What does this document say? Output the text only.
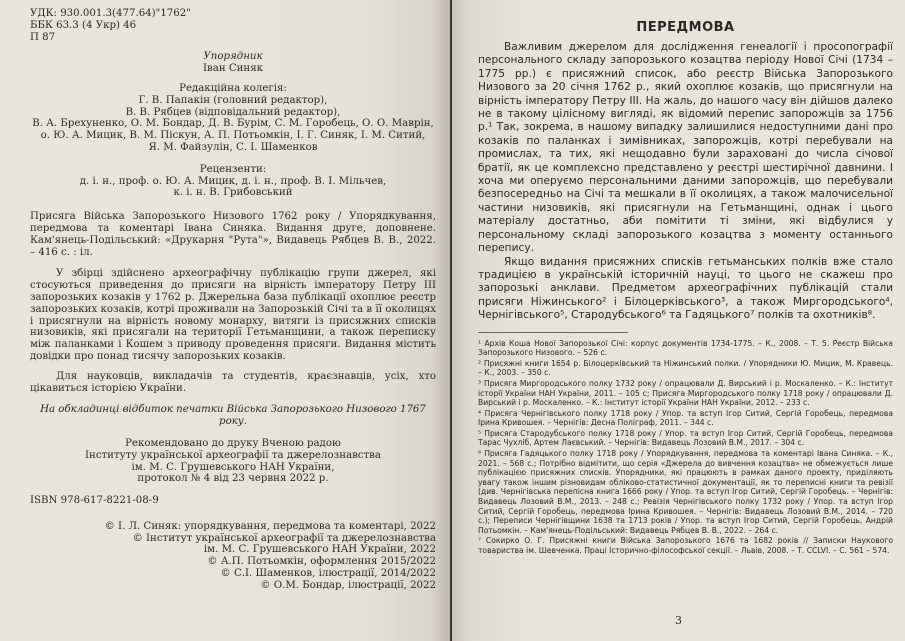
УДК: 930.001.3(477.64)"1762"

ББК 63.3 (4 Укр) 46

П 87

Упорядник

Іван Синяк

Редакційна колегія:

Г. В. Папакін (головний редактор),

В. В. Рябцев (відповідальний редактор),

В. А. Брехуненко, О. М. Бондар, Д. В. Бурім, С. М. Горобець, О. О. Маврін,

о. Ю. А. Мицик, В. М. Піскун, А. П. Потьомкін, І. Г. Синяк, І. М. Ситий,

Я. М. Файзулін, С. І. Шаменков

Рецензенти:

д. і. н., проф. о. Ю. А. Мицик, д. і. н., проф. В. І. Мільчев,

к. і. н. В. Грибовський

Присяга Війська Запорозького Низового 1762 року / Упорядкування, передмова та коментарі Івана Синяка. Видання друге, доповнене. Кам'янець-Подільський: «Друкарня "Рута"», Видавець Рябцев В. В., 2022. – 416 с. : іл.

У збірці здійснено археографічну публікацію групи джерел, які стосуються приведення до присяги на вірність імператору Петру III запорозьких козаків у 1762 р. Джерельна база публікації охоплює реєстр запорозьких козаків, котрі проживали на Запорозькій Січі та в її околицях і присягнули на вірність новому монарху, витяги із присяжних списків низовиків, які присягали на території Гетьманщини, а також переписку між паланками і Кошем з приводу проведення присяги. Видання містить довідки про понад тисячу запорозьких козаків.

Для науковців, викладачів та студентів, краєзнавців, усіх, хто цікавиться історією України.

На обкладинці відбиток печатки Війська Запорозького Низового 1767 року.

Рекомендовано до друку Вченою радою

Інституту української археографії та джерелознавства

ім. М. С. Грушевського НАН України,

протокол № 4 від 23 червня 2022 р.

ISBN 978-617-8221-08-9

© І. Л. Синяк: упорядкування, передмова та коментарі, 2022

© Інститут української археографії та джерелознавства

ім. М. С. Грушевського НАН України, 2022

© А.П. Потьомкін, оформлення 2015/2022

© С.І. Шаменков, ілюстрації, 2014/2022

© О.М. Бондар, ілюстрації, 2022

ПЕРЕДМОВА

Важливим джерелом для дослідження генеалогії і просопографії персонального складу запорозького козацтва періоду Нової Січі (1734 – 1775 рр.) є присяжний список, або реєстр Війська Запорозького Низового за 20 січня 1762 р., який охоплює козаків, що присягнули на вірність імператору Петру III. На жаль, до нашого часу він дійшов далеко не в такому цілісному вигляді, як відомий перепис запорожців за 1756 р.¹ Так, зокрема, в нашому випадку залишилися недоступними дані про козаків по паланках і зимівниках, запорожців, котрі перебували на промислах, та тих, які нещодавно були зараховані до числа січової братії, як це комплексно представлено у реєстрі шестирічної давнини. І хоча ми оперуємо персональними даними запорожців, що перебували безпосередньо на Січі та мешкали в її околицях, а також малочисельної частини низовиків, які присягнули на Гетьманщині, однак і цього матеріалу достатньо, аби помітити ті зміни, які відбулися у персональному складі запорозького козацтва з моменту останнього перепису.

Якщо видання присяжних списків гетьманських полків вже стало традицією в українській історичній науці, то цього не скажеш про запорозькі анклави. Предметом археографічних публікацій стали присяги Ніжинського² і Білоцерківського³, а також Миргородського⁴, Чернігівського⁵, Стародубського⁶ та Гадяцького⁷ полків та охотників⁸.

¹ Архів Коша Нової Запорозької Січі: корпус документів 1734-1775. – К., 2008. – Т. 5. Реєстр Війська Запорозького Низового. – 526 с.

² Присяжні книги 1654 р. Білоцерківський та Ніжинський полки. / Упорядники Ю. Мицик, М. Кравець. – К., 2003. – 350 с.

³ Присяга Миргородського полку 1732 року / опрацювали Д. Вирський і р. Москаленко. – К.: Інститут історії України НАН України, 2011. – 105 с; Присяга Миргородського полку 1718 року / опрацювали Д. Вирський і р. Москаленко. – К.: Інститут історії України НАН України, 2012. – 233 с.

⁴ Присяга Чернігівського полку 1718 року / Упор. та вступ Ігор Ситий, Сергій Горобець, передмова Ірина Кривошея. – Чернігів: Десна Поліграф, 2011. – 344 с.

⁵ Присяга Стародубського полку 1718 року / Упор. та вступ Ігор Ситий, Сергій Горобець, передмова Тарас Чухліб, Артем Лаєвський. – Чернігів: Видавець Лозовий В.М., 2017. – 304 с.

⁶ Присяга Гадяцького полку 1718 року / Упорядкування, передмова та коментарі Івана Синяка. – К., 2021. – 568 с.; Потрібно відмітити, що серія «Джерела до вивчення козацтва» не обмежується лише публікацією присяжних списків. Упорядники, які працюють в рамках даного проекту, приділяють увагу також іншим різновидам обліково-статистичної документації, як то переписні книги та ревізії (див. Чернігівська перепісна книга 1666 року / Упор. та вступ Ігор Ситий, Сергій Горобець. – Чернігів: Видавець Лозовий В.М., 2013. – 248 с.; Ревізія Чернігівського полку 1732 року / Упор. та вступ Ігор Ситий, Сергій Горобець, передмова Ірина Кривошея. – Чернігів: Видавець Лозовий В.М., 2014. – 720 с.); Переписи Чернігівщини 1638 та 1713 років / Упор. та вступ Ігор Ситий, Сергій Горобець, Андрій Потьомкін. – Кам'янець-Подільський: Видавець Рябцев В. В., 2022. – 264 с.

⁷ Сокирко О. Г. Присяжні книги Війська Запорозького 1676 та 1682 років // Записки Наукового товариства ім. Шевченка. Праці Історично-філософської секції. – Львів, 2008. – Т. CCLVI. – С. 561 – 574.

3
